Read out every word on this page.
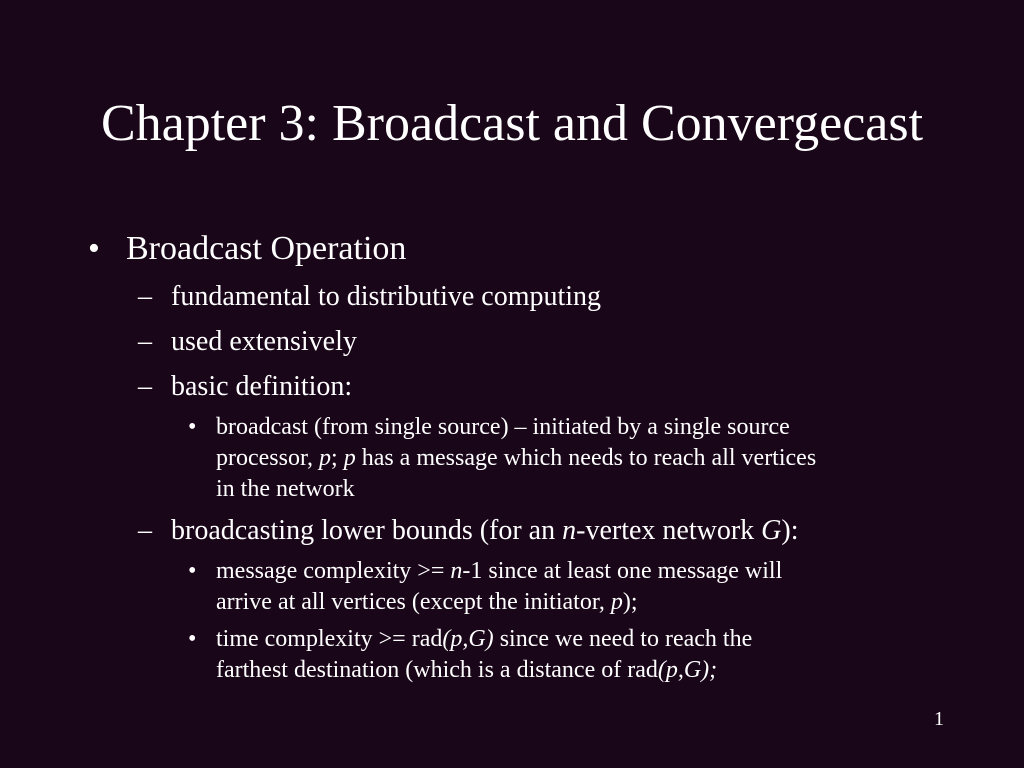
Chapter 3: Broadcast and Convergecast
• Broadcast Operation
– fundamental to distributive computing
– used extensively
– basic definition:
• broadcast (from single source) – initiated by a single source
processor, p; p has a message which needs to reach all vertices
in the network
– broadcasting lower bounds (for an n-vertex network G):
• message complexity >= n-1 since at least one message will
arrive at all vertices (except the initiator, p);
• time complexity >= rad(p,G) since we need to reach the
farthest destination (which is a distance of rad(p,G);
1
